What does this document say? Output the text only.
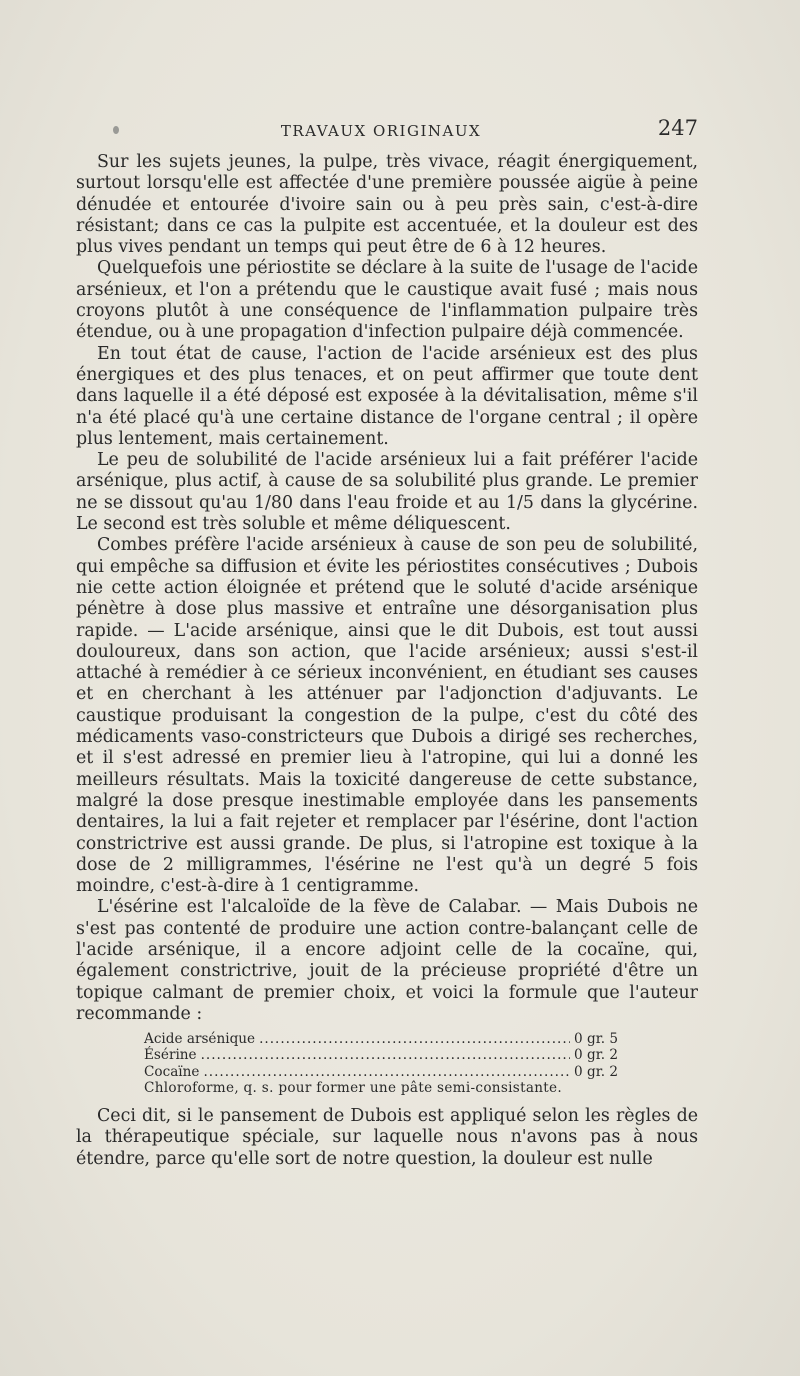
TRAVAUX ORIGINAUX	247

Sur les sujets jeunes, la pulpe, très vivace, réagit énergiquement, surtout lorsqu'elle est affectée d'une première poussée aigüe à peine dénudée et entourée d'ivoire sain ou à peu près sain, c'est-à-dire résistant; dans ce cas la pulpite est accentuée, et la douleur est des plus vives pendant un temps qui peut être de 6 à 12 heures.

Quelquefois une périostite se déclare à la suite de l'usage de l'acide arsénieux, et l'on a prétendu que le caustique avait fusé ; mais nous croyons plutôt à une conséquence de l'inflammation pulpaire très étendue, ou à une propagation d'infection pulpaire déjà commencée.

En tout état de cause, l'action de l'acide arsénieux est des plus énergiques et des plus tenaces, et on peut affirmer que toute dent dans laquelle il a été déposé est exposée à la dévitalisation, même s'il n'a été placé qu'à une certaine distance de l'organe central ; il opère plus lentement, mais certainement.

Le peu de solubilité de l'acide arsénieux lui a fait préférer l'acide arsénique, plus actif, à cause de sa solubilité plus grande. Le premier ne se dissout qu'au 1/80 dans l'eau froide et au 1/5 dans la glycérine. Le second est très soluble et même déliquescent.

Combes préfère l'acide arsénieux à cause de son peu de solubilité, qui empêche sa diffusion et évite les périostites consécutives ; Dubois nie cette action éloignée et prétend que le soluté d'acide arsénique pénètre à dose plus massive et entraîne une désorganisation plus rapide. — L'acide arsénique, ainsi que le dit Dubois, est tout aussi douloureux, dans son action, que l'acide arsénieux; aussi s'est-il attaché à remédier à ce sérieux inconvénient, en étudiant ses causes et en cherchant à les atténuer par l'adjonction d'adjuvants. Le caustique produisant la congestion de la pulpe, c'est du côté des médicaments vaso-constricteurs que Dubois a dirigé ses recherches, et il s'est adressé en premier lieu à l'atropine, qui lui a donné les meilleurs résultats. Mais la toxicité dangereuse de cette substance, malgré la dose presque inestimable employée dans les pansements dentaires, la lui a fait rejeter et remplacer par l'ésérine, dont l'action constrictrive est aussi grande. De plus, si l'atropine est toxique à la dose de 2 milligrammes, l'ésérine ne l'est qu'à un degré 5 fois moindre, c'est-à-dire à 1 centigramme.

L'ésérine est l'alcaloïde de la fève de Calabar. — Mais Dubois ne s'est pas contenté de produire une action contre-balançant celle de l'acide arsénique, il a encore adjoint celle de la cocaïne, qui, également constrictrive, jouit de la précieuse propriété d'être un topique calmant de premier choix, et voici la formule que l'auteur recommande :

Acide arsénique .....	0 gr. 5
Ésérine .....	0 gr. 2
Cocaïne .....	0 gr. 2
Chloroforme, q. s. pour former une pâte semi-consistante.

Ceci dit, si le pansement de Dubois est appliqué selon les règles de la thérapeutique spéciale, sur laquelle nous n'avons pas à nous étendre, parce qu'elle sort de notre question, la douleur est nulle
